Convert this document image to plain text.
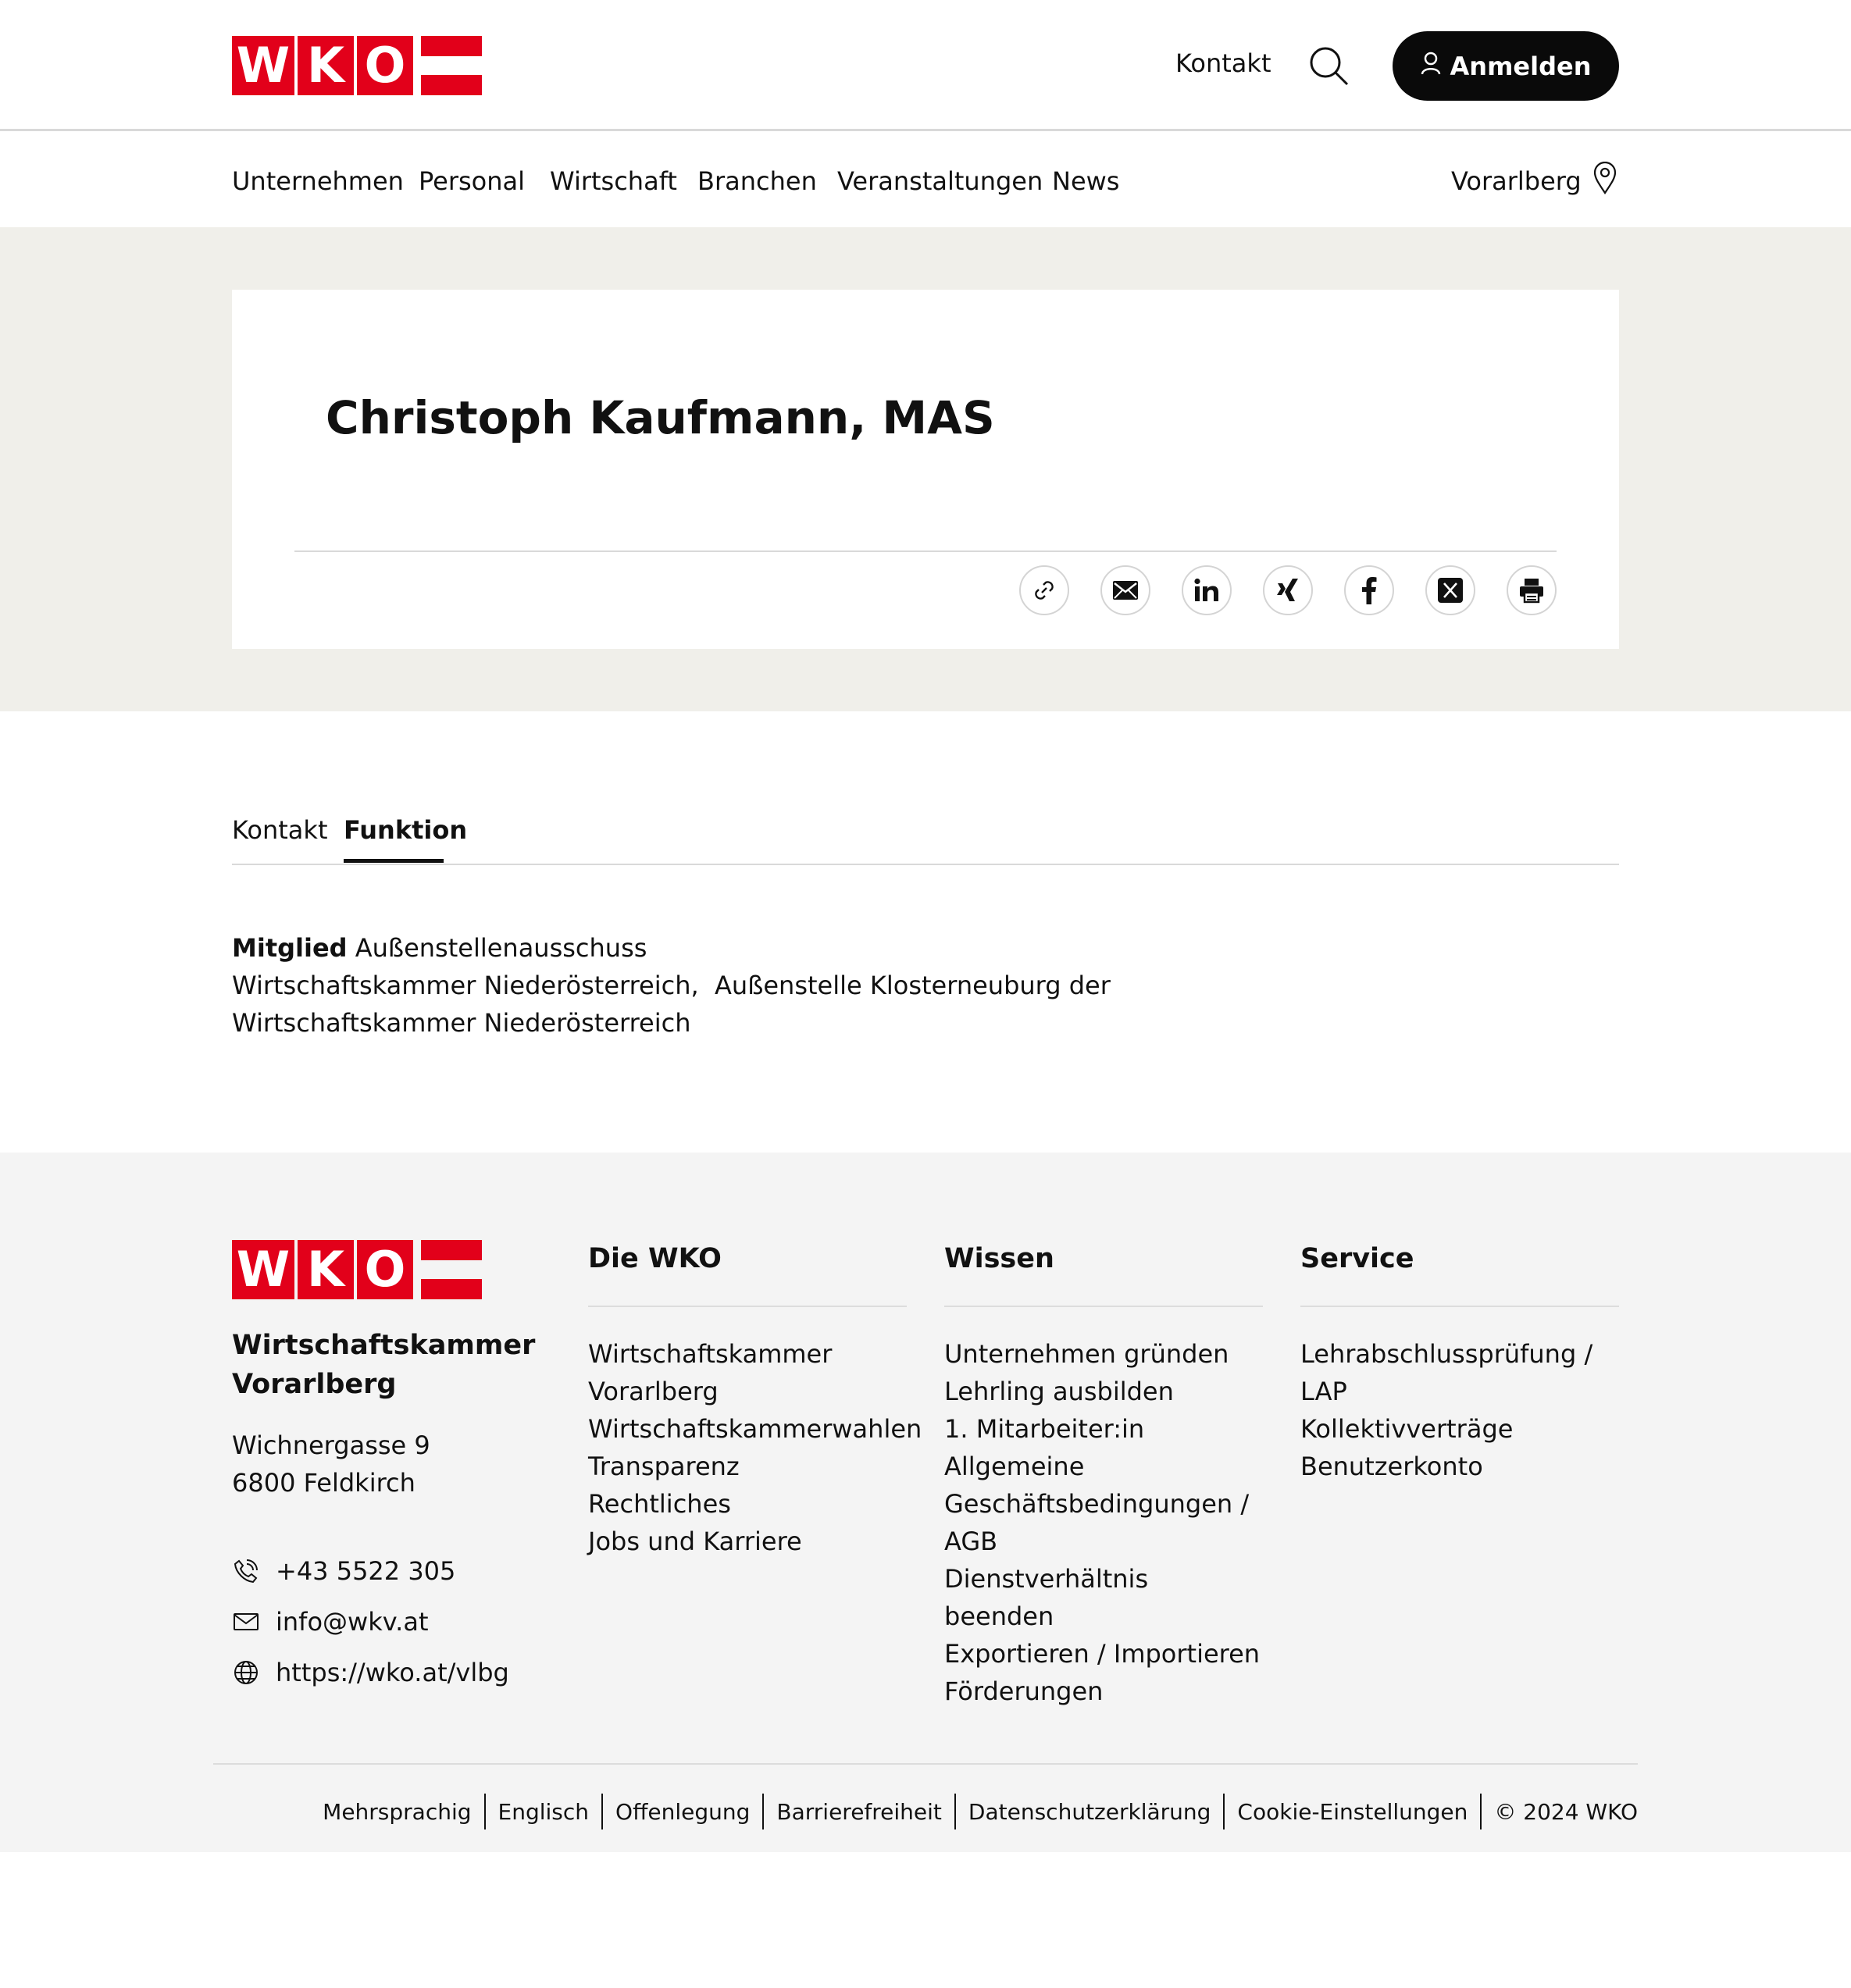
W K O	Kontakt	Anmelden
Unternehmen Personal Wirtschaft Branchen Veranstaltungen News	Vorarlberg
Christoph Kaufmann, MAS
Kontakt Funktion
Mitglied Außenstellenausschuss
Wirtschaftskammer Niederösterreich,  Außenstelle Klosterneuburg der
Wirtschaftskammer Niederösterreich
W K O
Wirtschaftskammer Vorarlberg
Wichnergasse 9
6800 Feldkirch
+43 5522 305
info@wkv.at
https://wko.at/vlbg
Die WKO
Wirtschaftskammer
Vorarlberg
Wirtschaftskammerwahlen
Transparenz
Rechtliches
Jobs und Karriere
Wissen
Unternehmen gründen
Lehrling ausbilden
1. Mitarbeiter:in
Allgemeine
Geschäftsbedingungen /
AGB
Dienstverhältnis beenden
Exportieren / Importieren
Förderungen
Service
Lehrabschlussprüfung / LAP
Kollektivverträge
Benutzerkonto
Mehrsprachig Englisch Offenlegung Barrierefreiheit Datenschutzerklärung Cookie-Einstellungen © 2024 WKO
